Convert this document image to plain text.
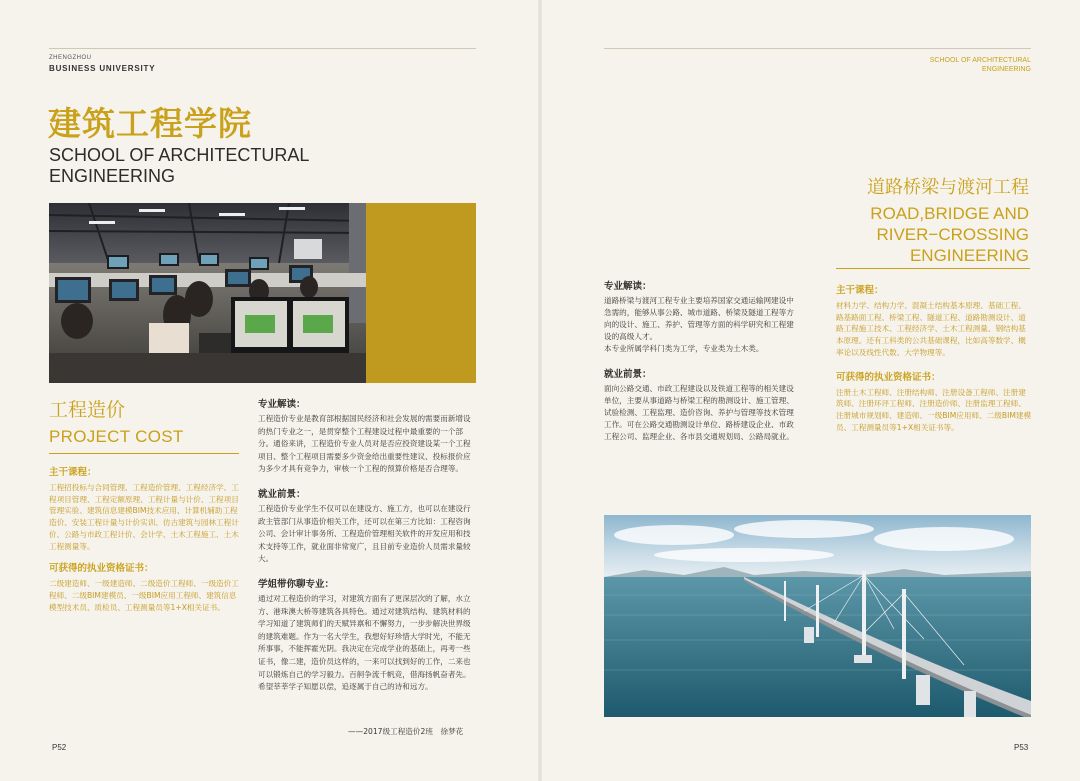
ZHENGZHOU
BUSINESS UNIVERSITY
建筑工程学院
SCHOOL OF ARCHITECTURAL
ENGINEERING
工程造价
PROJECT COST
主干课程：

工程招投标与合同管理、工程造价管理、工程经济学、工程项目管理、工程定额原理、工程计量与计价、工程项目管理实验、建筑信息建模BIM技术应用、计算机辅助工程造价、安装工程计量与计价实训、仿古建筑与园林工程计价、公路与市政工程计价、会计学、土木工程施工、土木工程测量等。

可获得的执业资格证书：

二级建造师、一级建造师、二级造价工程师、一级造价工程师、二级BIM建模员、一级BIM应用工程师、建筑信息模型技术员、质检员、工程测量员等1+X相关证书。

专业解读：

工程造价专业是教育部根据国民经济和社会发展的需要而新增设的热门专业之一，是贯穿整个工程建设过程中最重要的一个部分。通俗来讲，工程造价专业人员对是否应投资建设某一个工程项目、整个工程项目需要多少资金给出重要性建议、投标报价应为多少才具有竞争力，审核一个工程的预算价格是否合理等。

就业前景：

工程造价专业学生不仅可以在建设方、施工方，也可以在建设行政主管部门从事造价相关工作，还可以在第三方比如：工程咨询公司、会计审计事务所、工程造价管理相关软件的开发应用和技术支持等工作，就业面非常宽广，且目前专业造价人员需求量较大。

学姐带你聊专业：

通过对工程造价的学习，对建筑方面有了更深层次的了解，水立方、港珠澳大桥等建筑各具特色。通过对建筑结构、建筑材料的学习知道了建筑师们的天赋异禀和不懈努力，一步步解决世界级的建筑难题。作为一名大学生，我想好好珍惜大学时光，不能无所事事，不能挥霍光阴。我决定在完成学业的基础上，再考一些证书，像二建，造价员这样的，一来可以找到好的工作，二来也可以锻炼自己的学习毅力。百舸争流千帆竞，借海扬帆奋者先。希望莘莘学子知愿以偿，追逐属于自己的诗和远方。

——2017级工程造价2班　徐梦花
P52
SCHOOL OF ARCHITECTURAL
ENGINEERING
道路桥梁与渡河工程
ROAD,BRIDGE AND
RIVER−CROSSING
ENGINEERING
专业解读：

道路桥梁与渡河工程专业主要培养国家交通运输网建设中急需的，能够从事公路、城市道路、桥梁及隧道工程等方向的设计、施工、养护、管理等方面的科学研究和工程建设的高级人才。

本专业所属学科门类为工学，专业类为土木类。

就业前景：

面向公路交通、市政工程建设以及铁道工程等的相关建设单位，主要从事道路与桥梁工程的勘测设计、施工管理、试验检测、工程监理、造价咨询、养护与管理等技术管理工作。可在公路交通勘测设计单位、路桥建设企业、市政工程公司、监理企业、各市县交通规划局、公路局就业。

主干课程：

材料力学、结构力学、混凝土结构基本原理、基础工程、路基路面工程、桥梁工程、隧道工程、道路勘测设计、道路工程施工技术、工程经济学、土木工程测量、钢结构基本原理。还有工科类的公共基础课程，比如高等数学、概率论以及线性代数、大学物理等。

可获得的执业资格证书：

注册土木工程师、注册结构师、注册设备工程师、注册建筑师、注册环评工程师、注册造价师、注册监理工程师、注册城市规划师、建造师、一级BIM应用师、二级BIM建模员、工程测量员等1+X相关证书等。

P53
